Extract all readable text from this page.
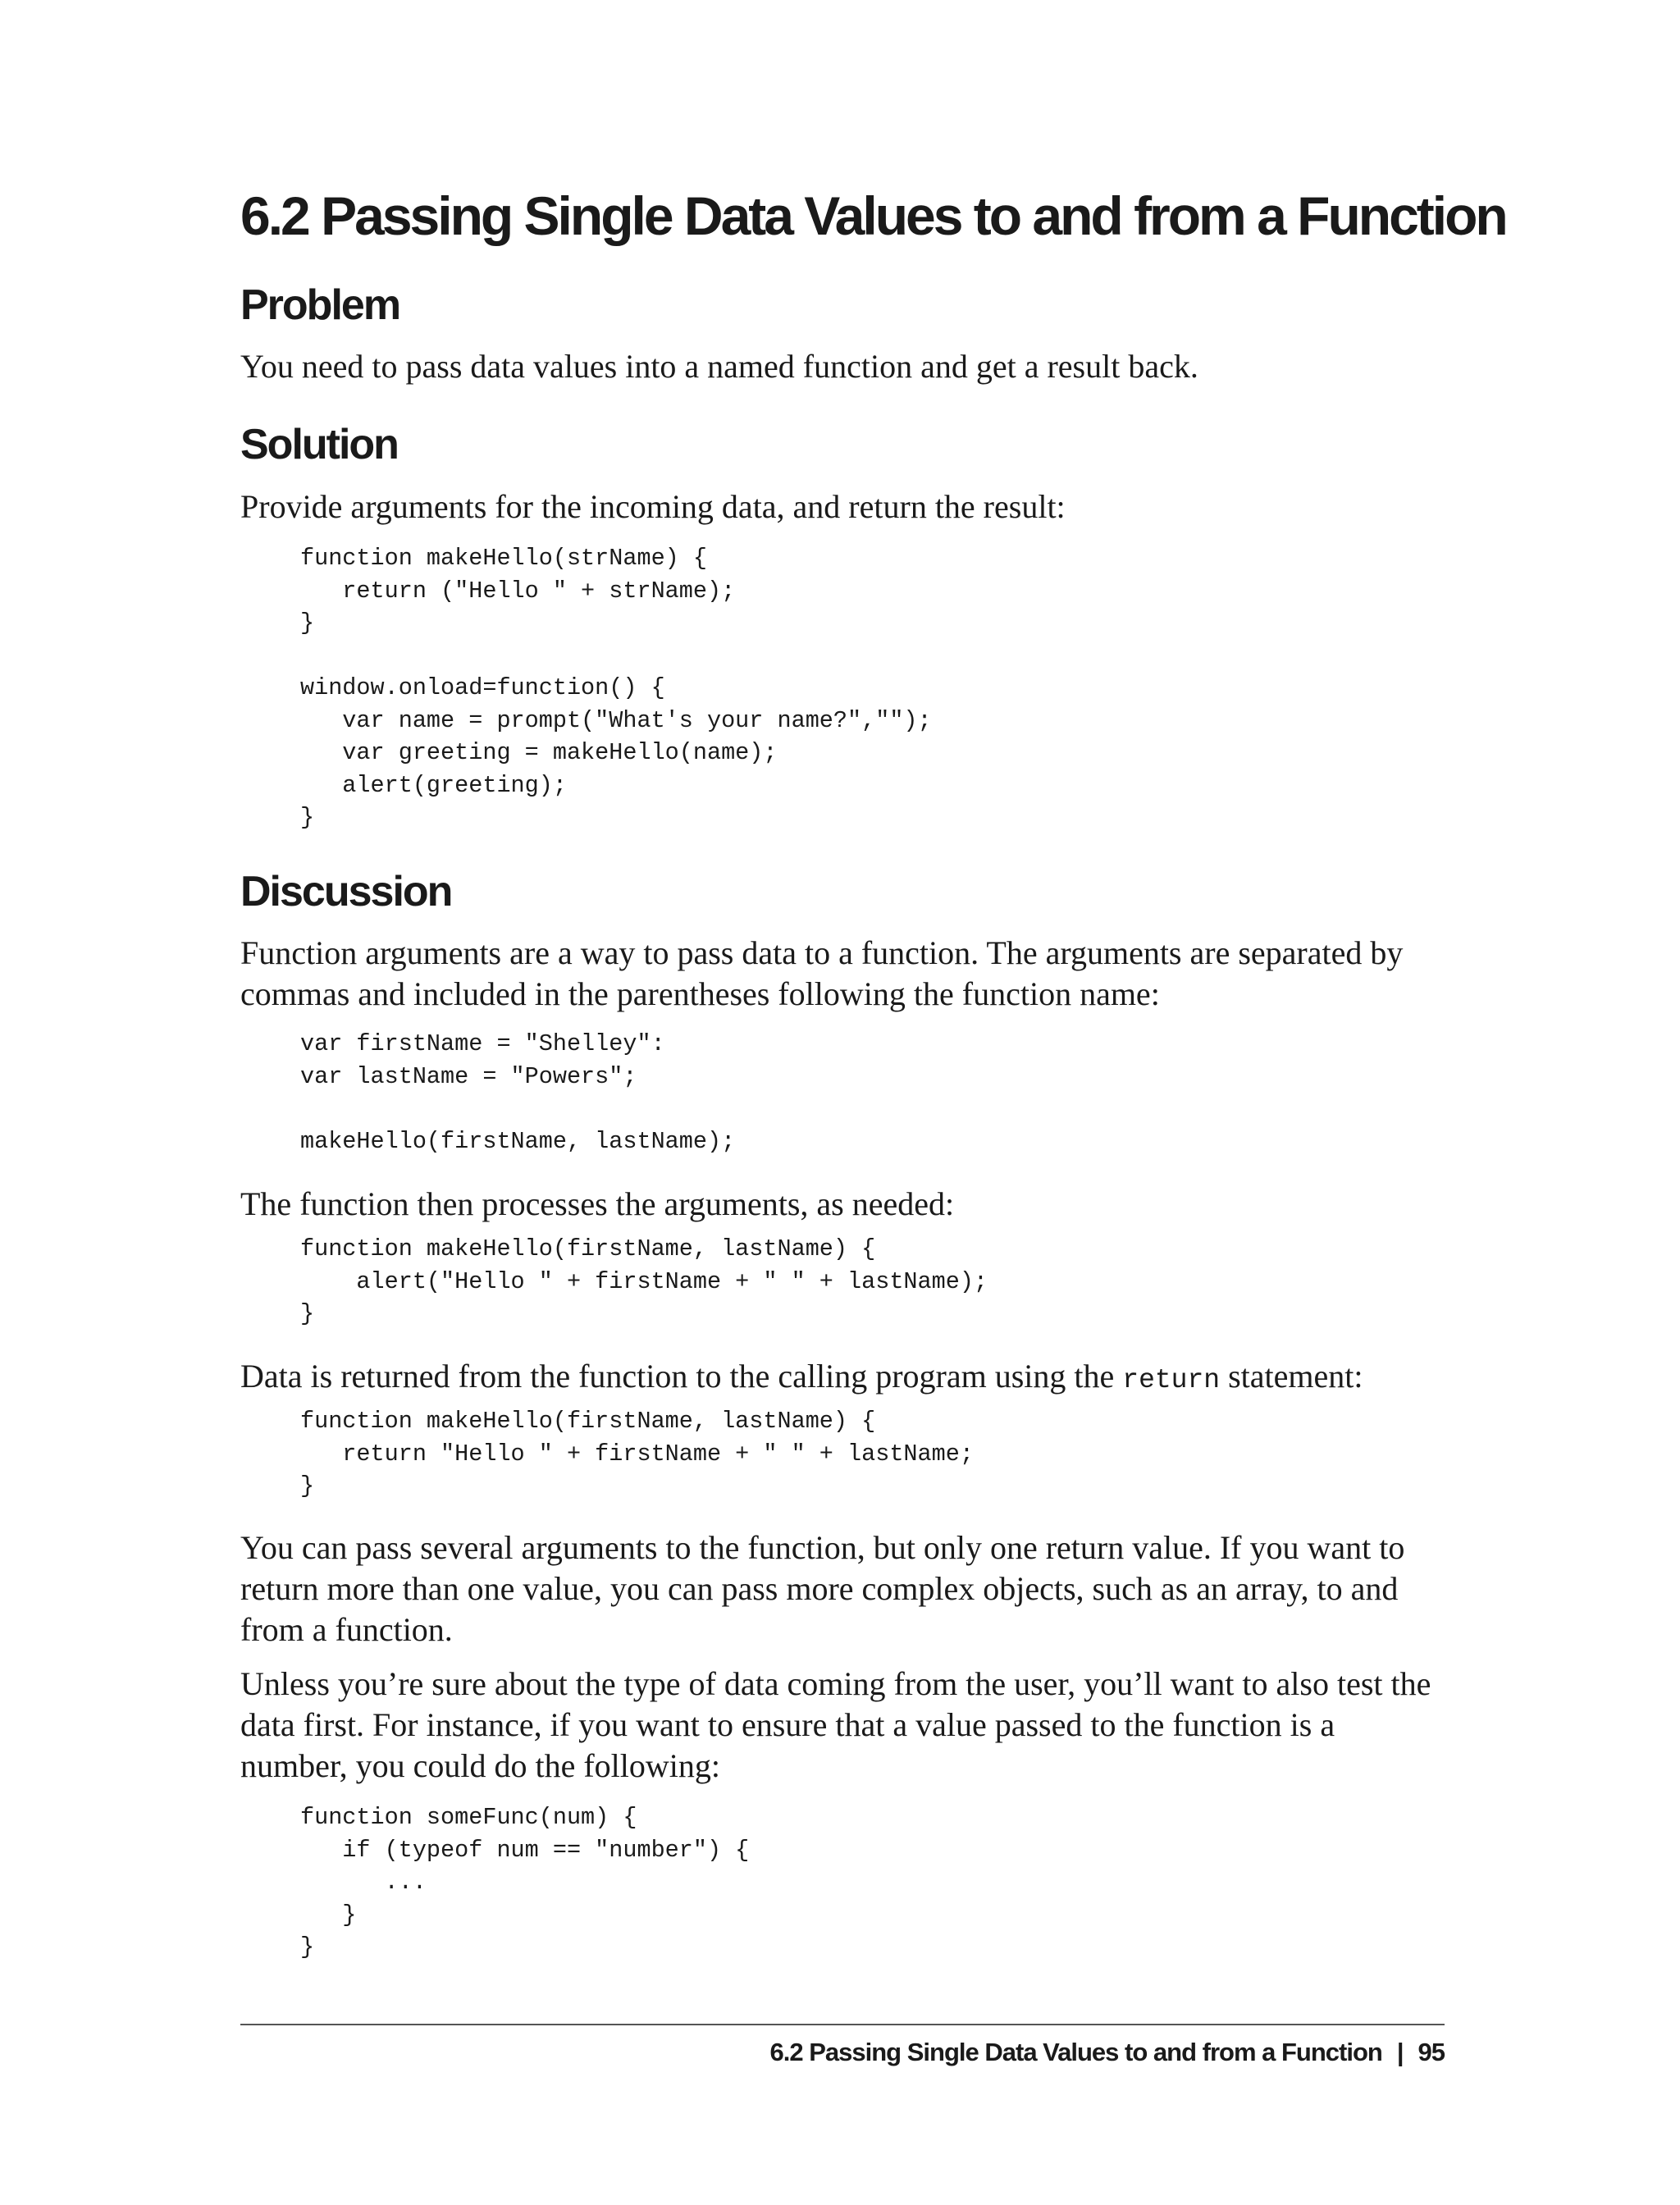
6.2 Passing Single Data Values to and from a Function
Problem

You need to pass data values into a named function and get a result back.

Solution

Provide arguments for the incoming data, and return the result:

function makeHello(strName) {
return ("Hello " + strName);
}

window.onload=function() {
var name = prompt("What's your name?","");
var greeting = makeHello(name);
alert(greeting);
}
Discussion

Function arguments are a way to pass data to a function. The arguments are separated by commas and included in the parentheses following the function name:

var firstName = "Shelley":
var lastName = "Powers";

makeHello(firstName, lastName);

The function then processes the arguments, as needed:

function makeHello(firstName, lastName) {
alert("Hello " + firstName + " " + lastName);
}

Data is returned from the function to the calling program using the return statement:

function makeHello(firstName, lastName) {
return "Hello " + firstName + " " + lastName;
}

You can pass several arguments to the function, but only one return value. If you want to return more than one value, you can pass more complex objects, such as an array, to and from a function.

Unless you’re sure about the type of data coming from the user, you’ll want to also test the data first. For instance, if you want to ensure that a value passed to the function is a number, you could do the following:

function someFunc(num) {
if (typeof num == "number") {
...
}
}
6.2 Passing Single Data Values to and from a Function | 95
